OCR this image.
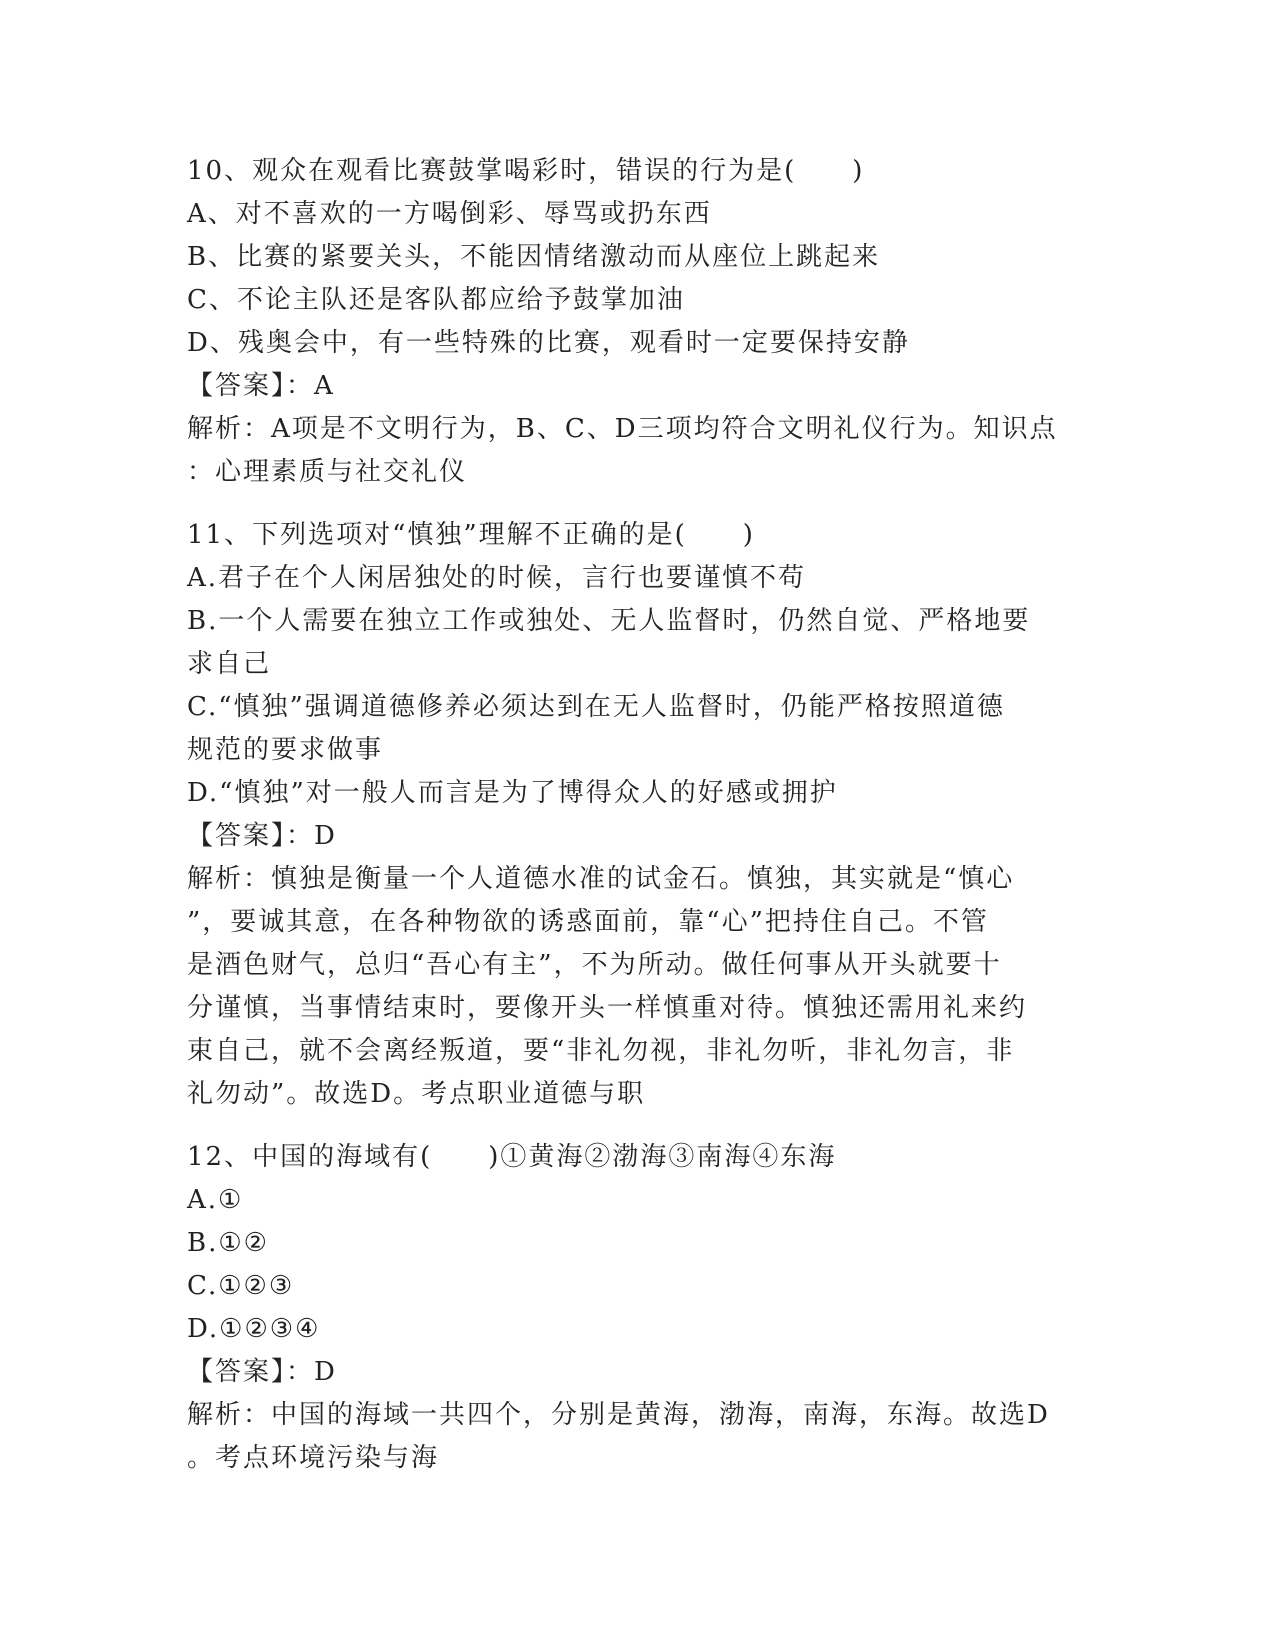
10、观众在观看比赛鼓掌喝彩时，错误的行为是(　　)
A、对不喜欢的一方喝倒彩、辱骂或扔东西
B、比赛的紧要关头，不能因情绪激动而从座位上跳起来
C、不论主队还是客队都应给予鼓掌加油
D、残奥会中，有一些特殊的比赛，观看时一定要保持安静
【答案】：A
解析：A项是不文明行为，B、C、D三项均符合文明礼仪行为。知识点
：心理素质与社交礼仪
11、下列选项对“慎独”理解不正确的是(　　)
A.君子在个人闲居独处的时候，言行也要谨慎不苟
B.一个人需要在独立工作或独处、无人监督时，仍然自觉、严格地要
求自己
C.“慎独”强调道德修养必须达到在无人监督时，仍能严格按照道德
规范的要求做事
D.“慎独”对一般人而言是为了博得众人的好感或拥护
【答案】：D
解析：慎独是衡量一个人道德水准的试金石。慎独，其实就是“慎心
”，要诚其意，在各种物欲的诱惑面前，靠“心”把持住自己。不管
是酒色财气，总归“吾心有主”，不为所动。做任何事从开头就要十
分谨慎，当事情结束时，要像开头一样慎重对待。慎独还需用礼来约
束自己，就不会离经叛道，要“非礼勿视，非礼勿听，非礼勿言，非
礼勿动”。故选D。考点职业道德与职
12、中国的海域有(　　)①黄海②渤海③南海④东海
A.①
B.①②
C.①②③
D.①②③④
【答案】：D
解析：中国的海域一共四个，分别是黄海，渤海，南海，东海。故选D
。考点环境污染与海
